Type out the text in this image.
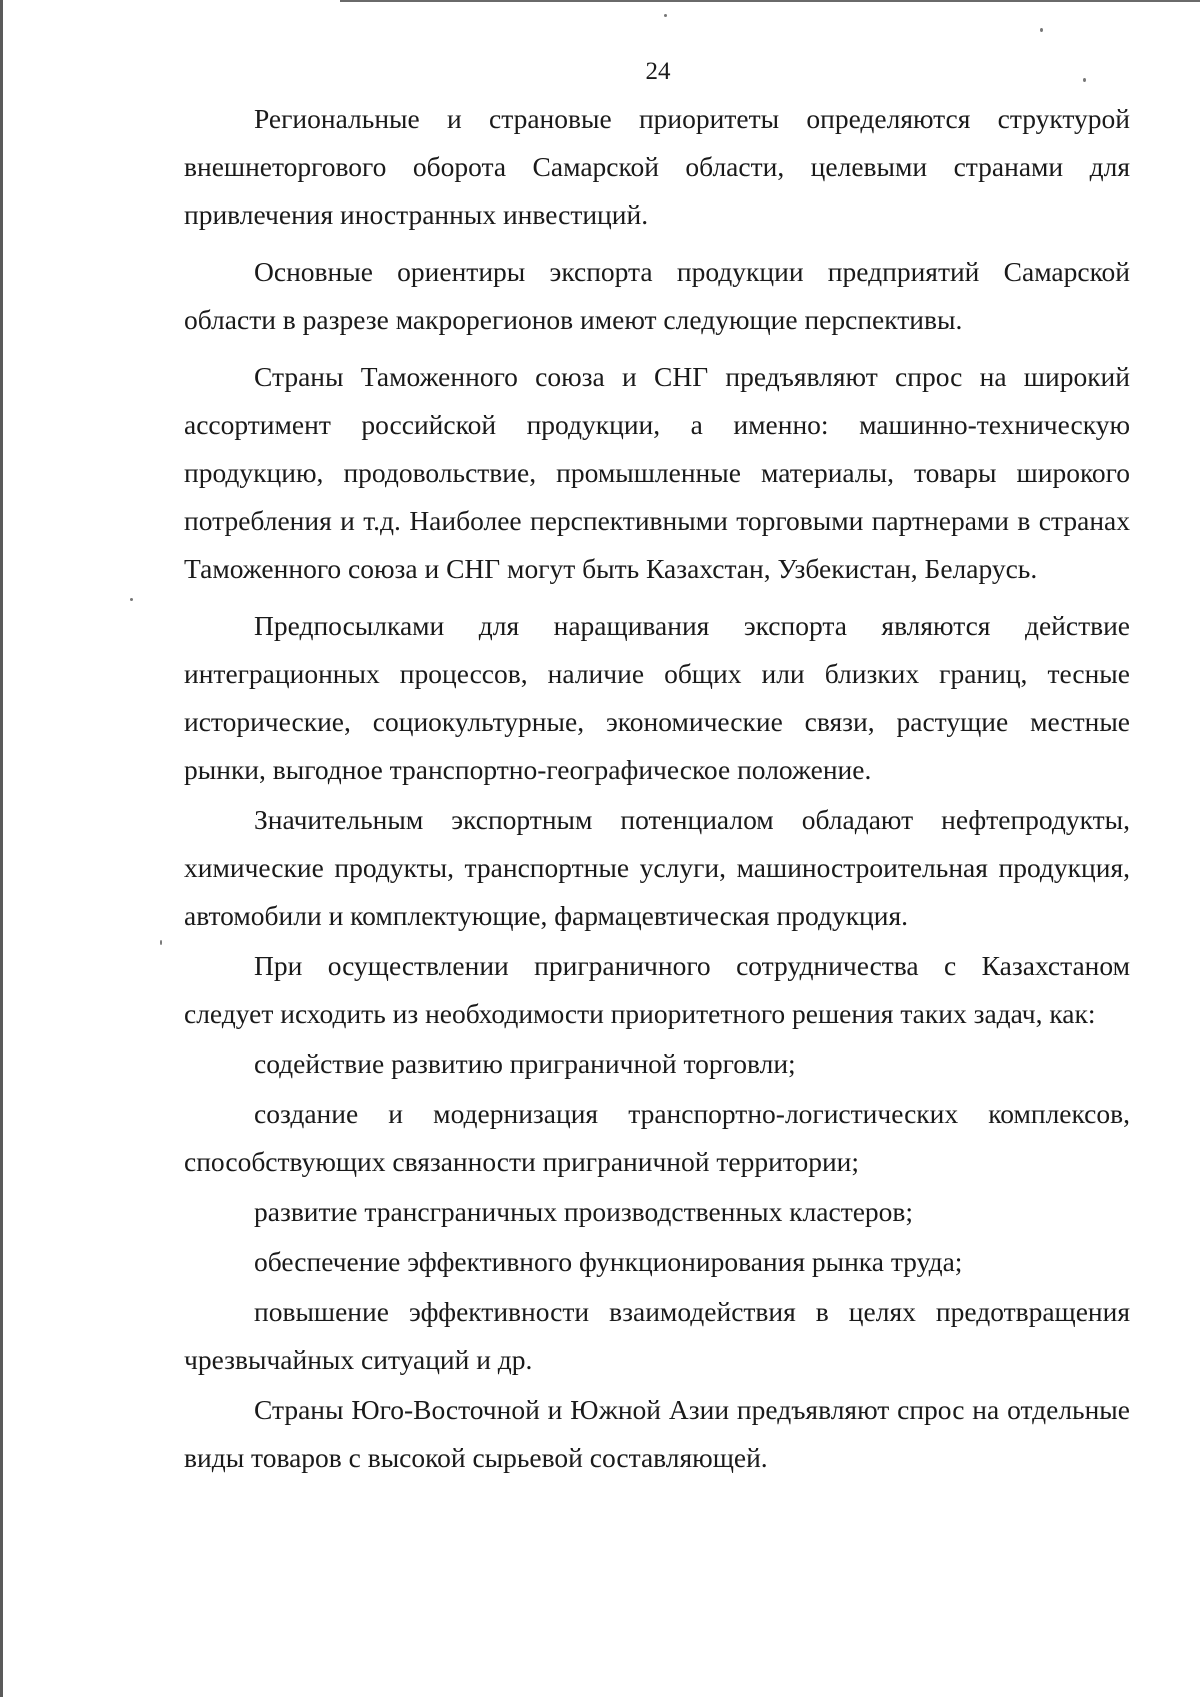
24

Региональные и страновые приоритеты определяются структурой внешнеторгового оборота Самарской области, целевыми странами для привлечения иностранных инвестиций.

Основные ориентиры экспорта продукции предприятий Самарской области в разрезе макрорегионов имеют следующие перспективы.

Страны Таможенного союза и СНГ предъявляют спрос на широкий ассортимент российской продукции, а именно: машинно-техническую продукцию, продовольствие, промышленные материалы, товары широкого потребления и т.д. Наиболее перспективными торговыми партнерами в странах Таможенного союза и СНГ могут быть Казахстан, Узбекистан, Беларусь.

Предпосылками для наращивания экспорта являются действие интеграционных процессов, наличие общих или близких границ, тесные исторические, социокультурные, экономические связи, растущие местные рынки, выгодное транспортно-географическое положение.

Значительным экспортным потенциалом обладают нефтепродукты, химические продукты, транспортные услуги, машиностроительная продукция, автомобили и комплектующие, фармацевтическая продукция.

При осуществлении приграничного сотрудничества с Казахстаном следует исходить из необходимости приоритетного решения таких задач, как:

содействие развитию приграничной торговли;

создание и модернизация транспортно-логистических комплексов, способствующих связанности приграничной территории;

развитие трансграничных производственных кластеров;

обеспечение эффективного функционирования рынка труда;

повышение эффективности взаимодействия в целях предотвращения чрезвычайных ситуаций и др.

Страны Юго-Восточной и Южной Азии предъявляют спрос на отдельные виды товаров с высокой сырьевой составляющей.
